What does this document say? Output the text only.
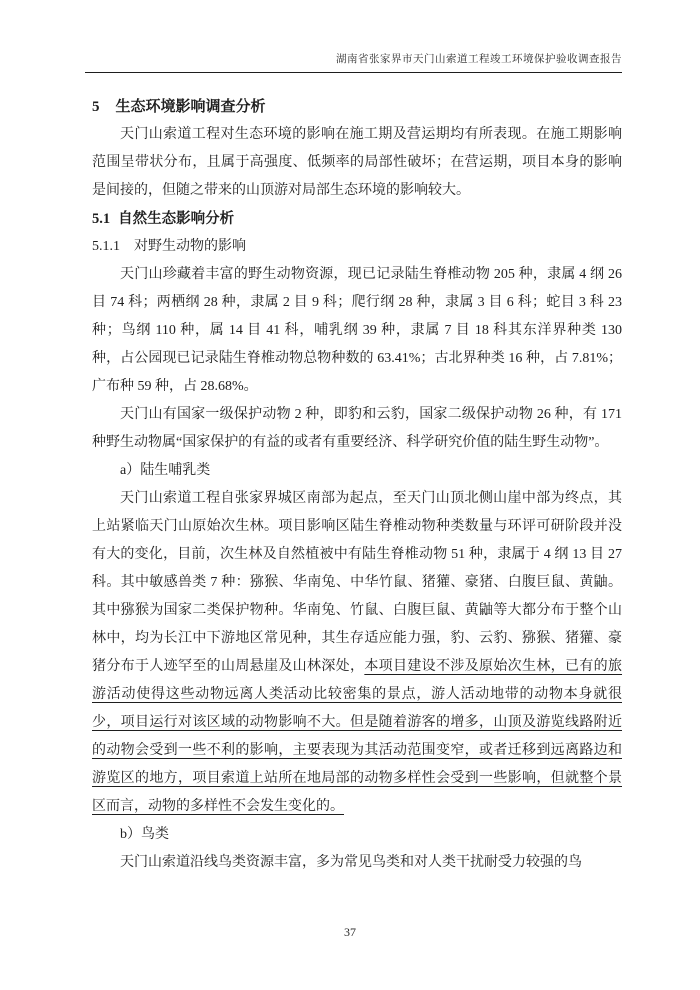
湖南省张家界市天门山索道工程竣工环境保护验收调查报告
5 生态环境影响调查分析

天门山索道工程对生态环境的影响在施工期及营运期均有所表现。在施工期影响范围呈带状分布，且属于高强度、低频率的局部性破坏；在营运期，项目本身的影响是间接的，但随之带来的山顶游对局部生态环境的影响较大。

5.1 自然生态影响分析
5.1.1 对野生动物的影响

天门山珍藏着丰富的野生动物资源，现已记录陆生脊椎动物 205 种，隶属 4 纲 26 目 74 科；两栖纲 28 种，隶属 2 目 9 科；爬行纲 28 种，隶属 3 目 6 科；蛇目 3 科 23 种；鸟纲 110 种，属 14 目 41 科，哺乳纲 39 种，隶属 7 目 18 科其东洋界种类 130 种，占公园现已记录陆生脊椎动物总物种数的 63.41%；古北界种类 16 种，占 7.81%；广布种 59 种，占 28.68%。

天门山有国家一级保护动物 2 种，即豹和云豹，国家二级保护动物 26 种，有 171 种野生动物属“国家保护的有益的或者有重要经济、科学研究价值的陆生野生动物”。

a）陆生哺乳类

天门山索道工程自张家界城区南部为起点，至天门山顶北侧山崖中部为终点，其上站紧临天门山原始次生林。项目影响区陆生脊椎动物种类数量与环评可研阶段并没有大的变化，目前，次生林及自然植被中有陆生脊椎动物 51 种，隶属于 4 纲 13 目 27 科。其中敏感兽类 7 种：猕猴、华南兔、中华竹鼠、猪獾、豪猪、白腹巨鼠、黄鼬。其中猕猴为国家二类保护物种。华南兔、竹鼠、白腹巨鼠、黄鼬等大都分布于整个山林中，均为长江中下游地区常见种，其生存适应能力强，豹、云豹、猕猴、猪獾、豪猪分布于人迹罕至的山周悬崖及山林深处，本项目建设不涉及原始次生林，已有的旅游活动使得这些动物远离人类活动比较密集的景点，游人活动地带的动物本身就很少，项目运行对该区域的动物影响不大。但是随着游客的增多，山顶及游览线路附近的动物会受到一些不利的影响，主要表现为其活动范围变窄，或者迁移到远离路边和游览区的地方，项目索道上站所在地局部的动物多样性会受到一些影响，但就整个景区而言，动物的多样性不会发生变化的。

b）鸟类

天门山索道沿线鸟类资源丰富，多为常见鸟类和对人类干扰耐受力较强的鸟

37
